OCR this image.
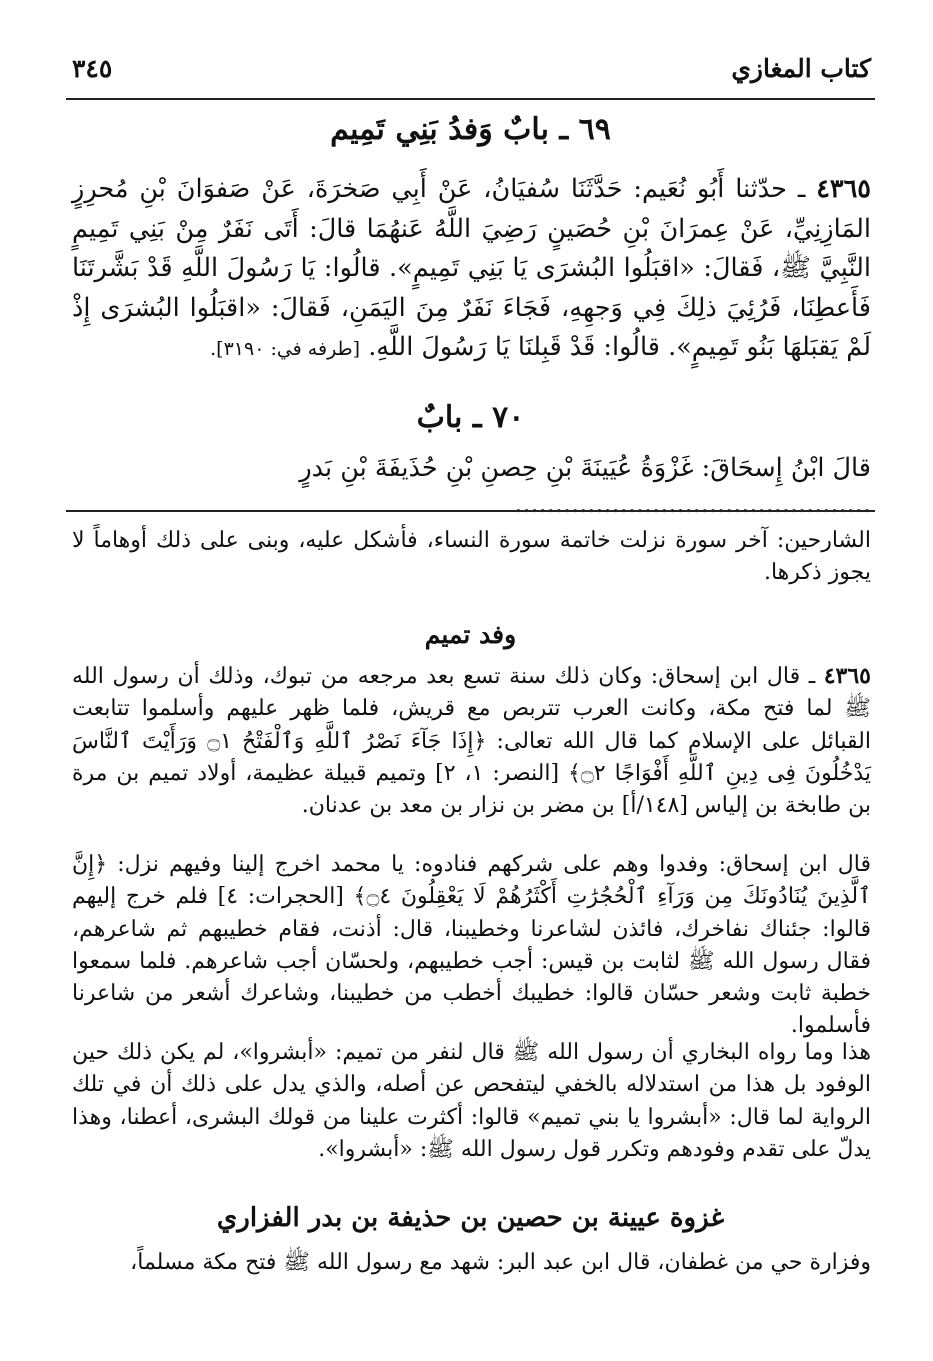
كتاب المغازي
٣٤٥
٦٩ ـ بابٌ وَفدُ بَنِي تَمِيم
٤٣٦٥ ـ حدّثنا أَبُو نُعَيم: حَدَّثَنَا سُفيَانُ، عَنْ أَبِي صَخرَةَ، عَنْ صَفوَانَ بْنِ مُحرِزٍ المَازِنِيِّ، عَنْ عِمرَانَ بْنِ حُصَينٍ رَضِيَ اللَّهُ عَنهُمَا قالَ: أَتَى نَفَرٌ مِنْ بَنِي تَمِيمٍ النَّبِيَّ ﷺ، فَقالَ: «اقبَلُوا البُشرَى يَا بَنِي تَمِيمٍ». قالُوا: يَا رَسُولَ اللَّهِ قَدْ بَشَّرتَنَا فَأَعطِنَا، فَرُئِيَ ذلِكَ فِي وَجهِهِ، فَجَاءَ نَفَرٌ مِنَ اليَمَنِ، فَقالَ: «اقبَلُوا البُشرَى إِذْ لَمْ يَقبَلهَا بَنُو تَمِيمٍ». قالُوا: قَدْ قَبِلنَا يَا رَسُولَ اللَّهِ. [طرفه في: ٣١٩٠].
٧٠ ـ بابٌ
قالَ ابْنُ إِسحَاقَ: غَزْوَةُ عُيَينَةَ بْنِ حِصنِ بْنِ حُذَيفَةَ بْنِ بَدرٍ ............................................
الشارحين: آخر سورة نزلت خاتمة سورة النساء، فأشكل عليه، وبنى على ذلك أوهاماً لا يجوز ذكرها.
وفد تميم
٤٣٦٥ ـ قال ابن إسحاق: وكان ذلك سنة تسع بعد مرجعه من تبوك، وذلك أن رسول الله ﷺ لما فتح مكة، وكانت العرب تتربص مع قريش، فلما ظهر عليهم وأسلموا تتابعت القبائل على الإسلام كما قال الله تعالى: ﴿إِذَا جَآءَ نَصْرُ ٱللَّهِ وَٱلْفَتْحُ ۝١ وَرَأَيْتَ ٱلنَّاسَ يَدْخُلُونَ فِى دِينِ ٱللَّهِ أَفْوَاجًا ۝٢﴾ [النصر: ١، ٢] وتميم قبيلة عظيمة، أولاد تميم بن مرة بن طابخة بن إلياس [١٤٨/أ] بن مضر بن نزار بن معد بن عدنان.
قال ابن إسحاق: وفدوا وهم على شركهم فنادوه: يا محمد اخرج إلينا وفيهم نزل: ﴿إِنَّ ٱلَّذِينَ يُنَادُونَكَ مِن وَرَآءِ ٱلْحُجُرَٰتِ أَكْثَرُهُمْ لَا يَعْقِلُونَ ۝٤﴾ [الحجرات: ٤] فلم خرج إليهم قالوا: جئناك نفاخرك، فائذن لشاعرنا وخطيبنا، قال: أذنت، فقام خطيبهم ثم شاعرهم، فقال رسول الله ﷺ لثابت بن قيس: أجب خطيبهم، ولحسّان أجب شاعرهم. فلما سمعوا خطبة ثابت وشعر حسّان قالوا: خطيبك أخطب من خطيبنا، وشاعرك أشعر من شاعرنا فأسلموا.
هذا وما رواه البخاري أن رسول الله ﷺ قال لنفر من تميم: «أبشروا»، لم يكن ذلك حين الوفود بل هذا من استدلاله بالخفي ليتفحص عن أصله، والذي يدل على ذلك أن في تلك الرواية لما قال: «أبشروا يا بني تميم» قالوا: أكثرت علينا من قولك البشرى، أعطنا، وهذا يدلّ على تقدم وفودهم وتكرر قول رسول الله ﷺ: «أبشروا».
غزوة عيينة بن حصين بن حذيفة بن بدر الفزاري
وفزارة حي من غطفان، قال ابن عبد البر: شهد مع رسول الله ﷺ فتح مكة مسلماً،
